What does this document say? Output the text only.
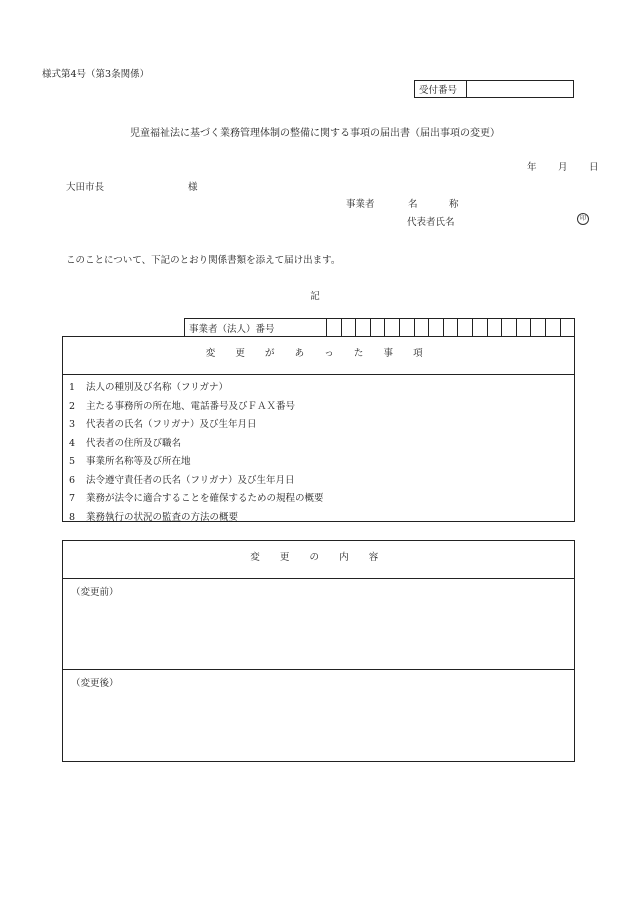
様式第4号（第3条関係）
受付番号
児童福祉法に基づく業務管理体制の整備に関する事項の届出書（届出事項の変更）
年 月 日
大田市長	様
事業者	名	称
代表者氏名	印
このことについて、下記のとおり関係書類を添えて届け出ます。
記
事業者（法人）番号
変 更 が あ っ た 事 項
1	法人の種別及び名称（フリガナ）
2	主たる事務所の所在地、電話番号及びＦＡＸ番号
3	代表者の氏名（フリガナ）及び生年月日
4	代表者の住所及び職名
5	事業所名称等及び所在地
6	法令遵守責任者の氏名（フリガナ）及び生年月日
7	業務が法令に適合することを確保するための規程の概要
8	業務執行の状況の監査の方法の概要
変 更 の 内 容
（変更前）
（変更後）
